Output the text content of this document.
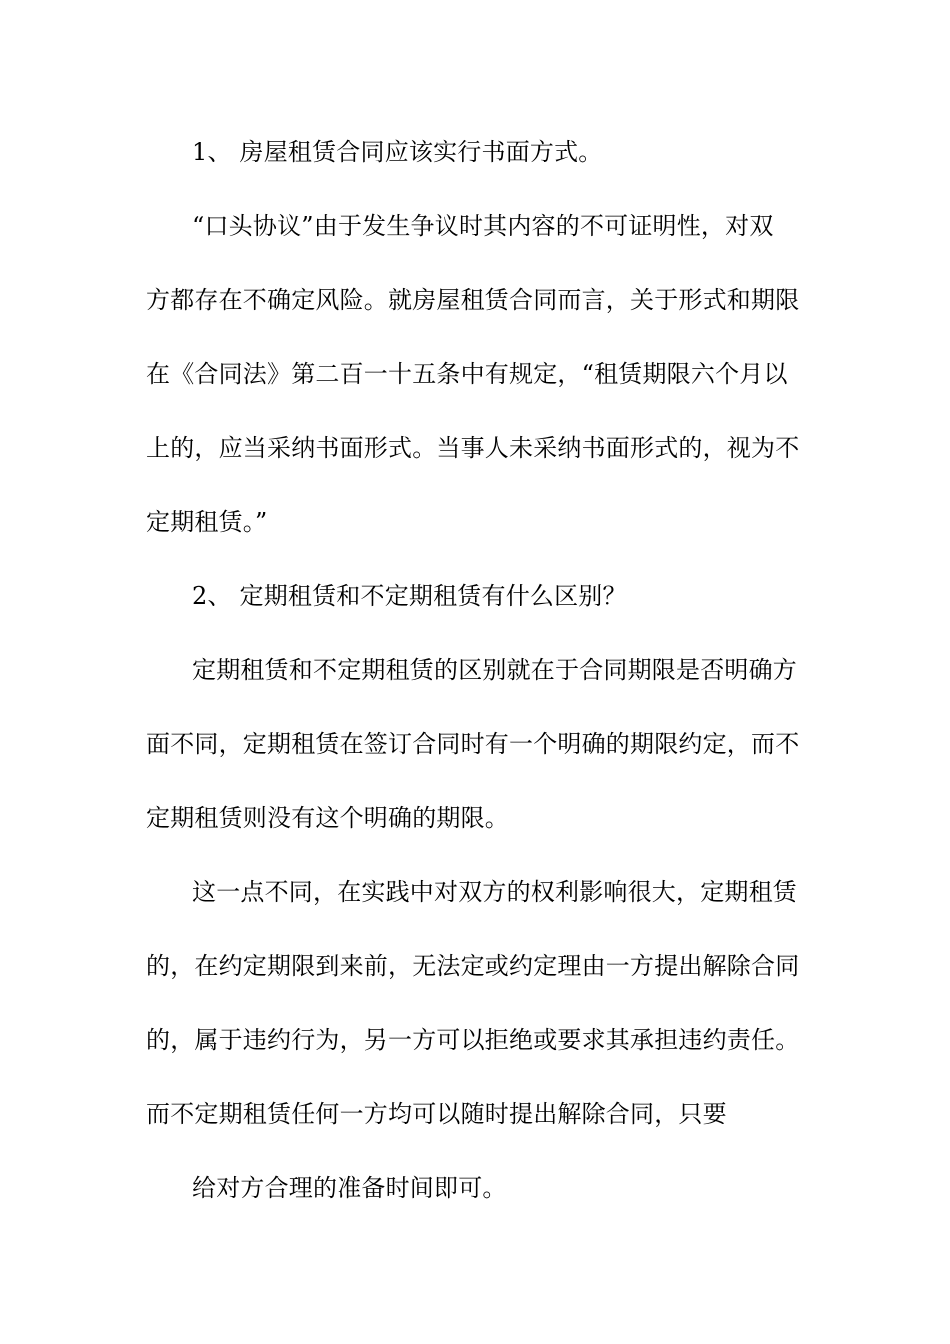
1、 房屋租赁合同应该实行书面方式。
“口头协议”由于发生争议时其内容的不可证明性，对双
方都存在不确定风险。就房屋租赁合同而言，关于形式和期限
在《合同法》第二百一十五条中有规定，“租赁期限六个月以
上的，应当采纳书面形式。当事人未采纳书面形式的，视为不
定期租赁。”
2、 定期租赁和不定期租赁有什么区别？
定期租赁和不定期租赁的区别就在于合同期限是否明确方
面不同，定期租赁在签订合同时有一个明确的期限约定，而不
定期租赁则没有这个明确的期限。
这一点不同，在实践中对双方的权利影响很大，定期租赁
的，在约定期限到来前，无法定或约定理由一方提出解除合同
的，属于违约行为，另一方可以拒绝或要求其承担违约责任。
而不定期租赁任何一方均可以随时提出解除合同，只要
给对方合理的准备时间即可。
